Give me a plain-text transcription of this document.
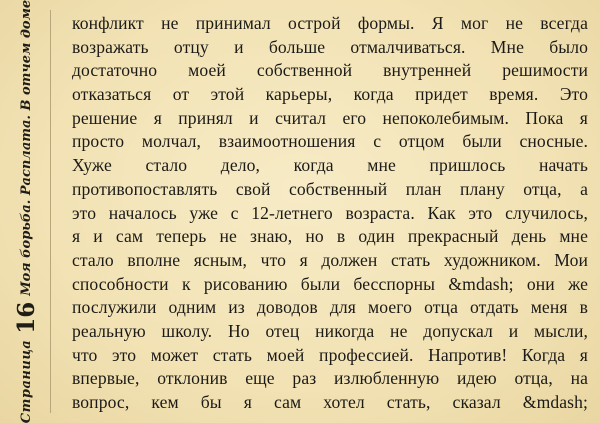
Страница
16
Моя борьба. Расплата. В отчем доме конфликт не принимал острой формы. Я мог не всегда
возражать отцу и больше отмалчиваться. Мне было
достаточно моей собственной внутренней решимости
отказаться от этой карьеры, когда придет время. Это
решение я принял и считал его непоколебимым. Пока я
просто молчал, взаимоотношения с отцом были сносные.
Хуже стало дело, когда мне пришлось начать
противопоставлять свой собственный план плану отца, а
это началось уже с 12-летнего возраста. Как это случилось,
я и сам теперь не знаю, но в один прекрасный день мне
стало вполне ясным, что я должен стать художником. Мои
способности к рисованию были бесспорны &mdash; они же
послужили одним из доводов для моего отца отдать меня в
реальную школу. Но отец никогда не допускал и мысли,
что это может стать моей профессией. Напротив! Когда я
впервые, отклонив еще раз излюбленную идею отца, на
вопрос, кем бы я сам хотел стать, сказал &mdash;
